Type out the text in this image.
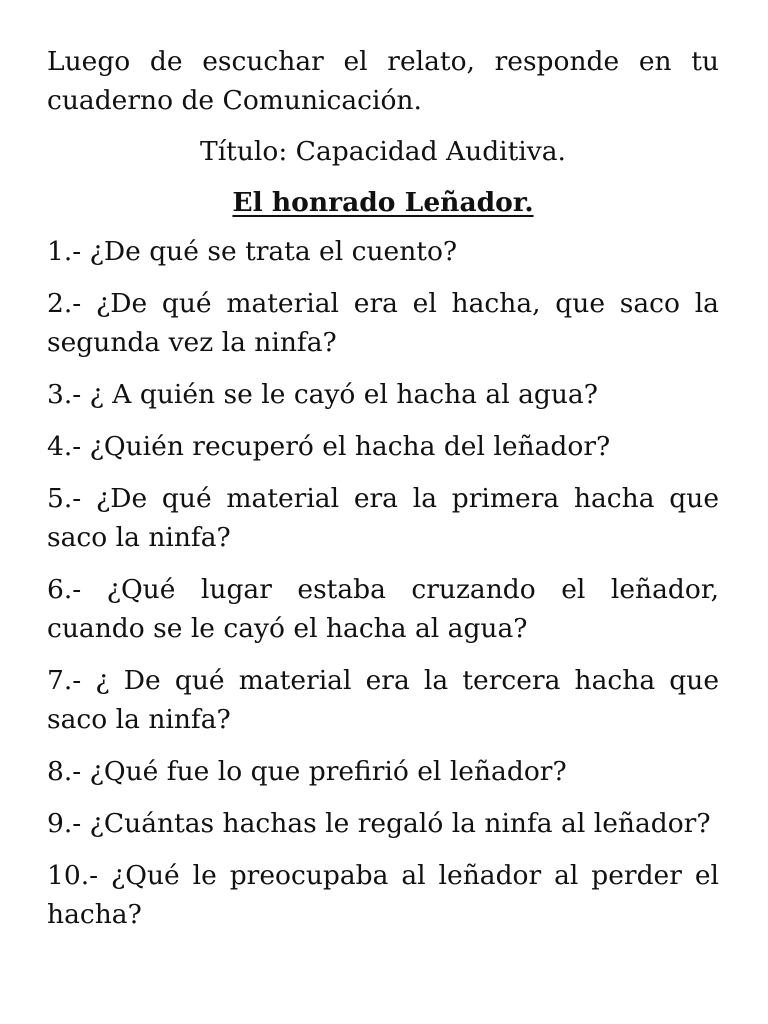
Luego de escuchar el relato, responde en tu cuaderno de Comunicación.

Título: Capacidad Auditiva.
El honrado Leñador.

1.- ¿De qué se trata el cuento?

2.- ¿De qué material era el hacha, que saco la segunda vez la ninfa?

3.- ¿ A quién se le cayó el hacha al agua?

4.- ¿Quién recuperó el hacha del leñador?

5.- ¿De qué material era la primera hacha que saco la ninfa?

6.- ¿Qué lugar estaba cruzando el leñador, cuando se le cayó el hacha al agua?

7.- ¿ De qué material era la tercera hacha que saco la ninfa?

8.- ¿Qué fue lo que prefirió el leñador?

9.- ¿Cuántas hachas le regaló la ninfa al leñador?

10.- ¿Qué le preocupaba al leñador al perder el hacha?
